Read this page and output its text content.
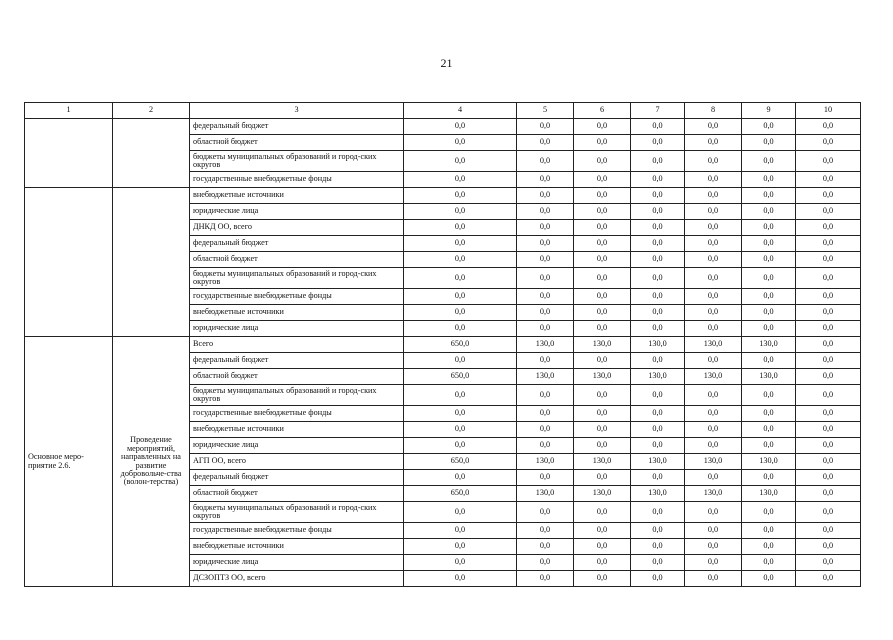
21
1	2	3	4	5	6	7	8	9	10
		федеральный бюджет	0,0	0,0	0,0	0,0	0,0	0,0	0,0
		областной бюджет	0,0	0,0	0,0	0,0	0,0	0,0	0,0
		бюджеты муниципальных образований и город-ских округов	0,0	0,0	0,0	0,0	0,0	0,0	0,0
		государственные внебюджетные фонды	0,0	0,0	0,0	0,0	0,0	0,0	0,0
		внебюджетные источники	0,0	0,0	0,0	0,0	0,0	0,0	0,0
		юридические лица	0,0	0,0	0,0	0,0	0,0	0,0	0,0
		ДНКД ОО, всего	0,0	0,0	0,0	0,0	0,0	0,0	0,0
		федеральный бюджет	0,0	0,0	0,0	0,0	0,0	0,0	0,0
		областной бюджет	0,0	0,0	0,0	0,0	0,0	0,0	0,0
		бюджеты муниципальных образований и город-ских округов	0,0	0,0	0,0	0,0	0,0	0,0	0,0
		государственные внебюджетные фонды	0,0	0,0	0,0	0,0	0,0	0,0	0,0
		внебюджетные источники	0,0	0,0	0,0	0,0	0,0	0,0	0,0
		юридические лица	0,0	0,0	0,0	0,0	0,0	0,0	0,0
Основное меро-приятие 2.6.	Проведение мероприятий, направленных на развитие добровольче-ства (волон-терства)	Всего	650,0	130,0	130,0	130,0	130,0	130,0	0,0
		федеральный бюджет	0,0	0,0	0,0	0,0	0,0	0,0	0,0
		областной бюджет	650,0	130,0	130,0	130,0	130,0	130,0	0,0
		бюджеты муниципальных образований и город-ских округов	0,0	0,0	0,0	0,0	0,0	0,0	0,0
		государственные внебюджетные фонды	0,0	0,0	0,0	0,0	0,0	0,0	0,0
		внебюджетные источники	0,0	0,0	0,0	0,0	0,0	0,0	0,0
		юридические лица	0,0	0,0	0,0	0,0	0,0	0,0	0,0
		АГП ОО, всего	650,0	130,0	130,0	130,0	130,0	130,0	0,0
		федеральный бюджет	0,0	0,0	0,0	0,0	0,0	0,0	0,0
		областной бюджет	650,0	130,0	130,0	130,0	130,0	130,0	0,0
		бюджеты муниципальных образований и город-ских округов	0,0	0,0	0,0	0,0	0,0	0,0	0,0
		государственные внебюджетные фонды	0,0	0,0	0,0	0,0	0,0	0,0	0,0
		внебюджетные источники	0,0	0,0	0,0	0,0	0,0	0,0	0,0
		юридические лица	0,0	0,0	0,0	0,0	0,0	0,0	0,0
		ДСЗОПТЗ ОО, всего	0,0	0,0	0,0	0,0	0,0	0,0	0,0
